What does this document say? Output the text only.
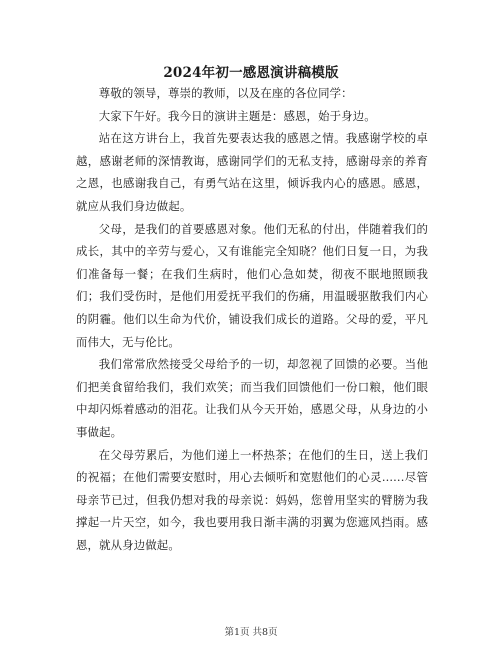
2024年初一感恩演讲稿模版

尊敬的领导，尊崇的教师，以及在座的各位同学：

大家下午好。我今日的演讲主题是：感恩，始于身边。

站在这方讲台上，我首先要表达我的感恩之情。我感谢学校的卓越，感谢老师的深情教诲，感谢同学们的无私支持，感谢母亲的养育之恩，也感谢我自己，有勇气站在这里，倾诉我内心的感恩。感恩，就应从我们身边做起。

父母，是我们的首要感恩对象。他们无私的付出，伴随着我们的成长，其中的辛劳与爱心，又有谁能完全知晓？他们日复一日，为我们准备每一餐；在我们生病时，他们心急如焚，彻夜不眠地照顾我们；我们受伤时，是他们用爱抚平我们的伤痛，用温暖驱散我们内心的阴霾。他们以生命为代价，铺设我们成长的道路。父母的爱，平凡而伟大，无与伦比。

我们常常欣然接受父母给予的一切，却忽视了回馈的必要。当他们把美食留给我们，我们欢笑；而当我们回馈他们一份口粮，他们眼中却闪烁着感动的泪花。让我们从今天开始，感恩父母，从身边的小事做起。

在父母劳累后，为他们递上一杯热茶；在他们的生日，送上我们的祝福；在他们需要安慰时，用心去倾听和宽慰他们的心灵......尽管母亲节已过，但我仍想对我的母亲说：妈妈，您曾用坚实的臂膀为我撑起一片天空，如今，我也要用我日渐丰满的羽翼为您遮风挡雨。感恩，就从身边做起。

第1页 共8页
